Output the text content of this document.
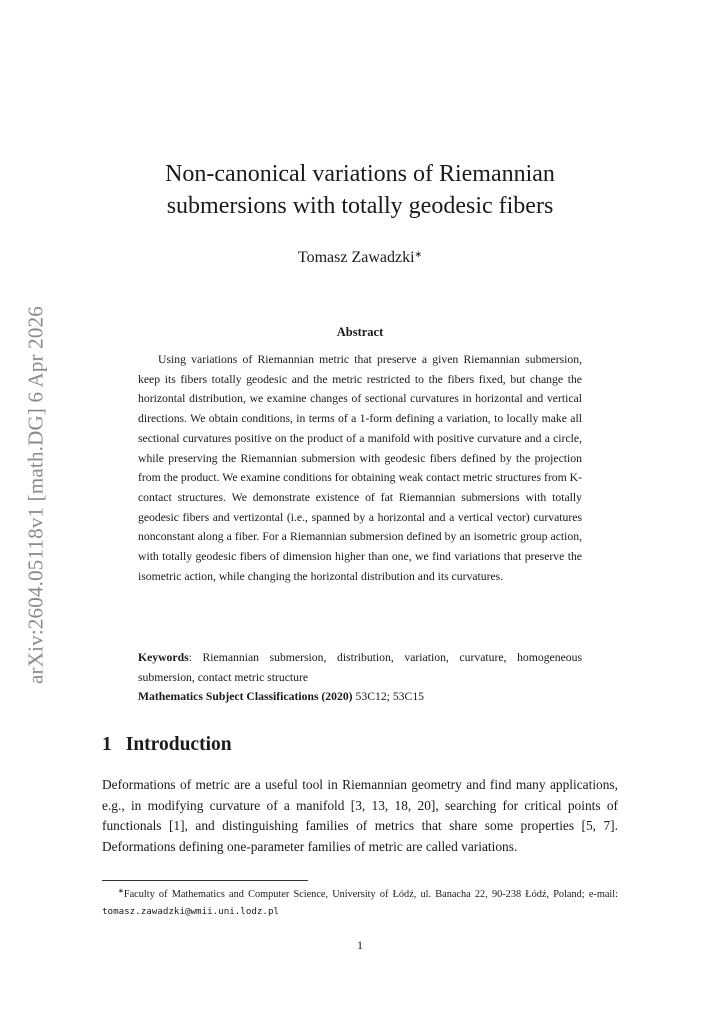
arXiv:2604.05118v1 [math.DG] 6 Apr 2026
Non-canonical variations of Riemannian
submersions with totally geodesic fibers
Tomasz Zawadzki∗
Abstract

Using variations of Riemannian metric that preserve a given Riemannian submersion, keep its fibers totally geodesic and the metric restricted to the fibers fixed, but change the horizontal distribution, we examine changes of sectional curvatures in horizontal and vertical directions. We obtain conditions, in terms of a 1-form defining a variation, to locally make all sectional curvatures positive on the product of a manifold with positive curvature and a circle, while preserving the Riemannian submersion with geodesic fibers defined by the projection from the product. We examine conditions for obtaining weak contact metric structures from K-contact structures. We demonstrate existence of fat Riemannian submersions with totally geodesic fibers and vertizontal (i.e., spanned by a horizontal and a vertical vector) curvatures nonconstant along a fiber. For a Riemannian submersion defined by an isometric group action, with totally geodesic fibers of dimension higher than one, we find variations that preserve the isometric action, while changing the horizontal distribution and its curvatures.

Keywords: Riemannian submersion, distribution, variation, curvature, homogeneous submersion, contact metric structure

Mathematics Subject Classifications (2020) 53C12; 53C15

1 Introduction

Deformations of metric are a useful tool in Riemannian geometry and find many applications, e.g., in modifying curvature of a manifold [3, 13, 18, 20], searching for critical points of functionals [1], and distinguishing families of metrics that share some properties [5, 7]. Deformations defining one-parameter families of metric are called variations.

∗Faculty of Mathematics and Computer Science, University of Łódź, ul. Banacha 22, 90-238 Łódź, Poland; e-mail: tomasz.zawadzki@wmii.uni.lodz.pl

1
